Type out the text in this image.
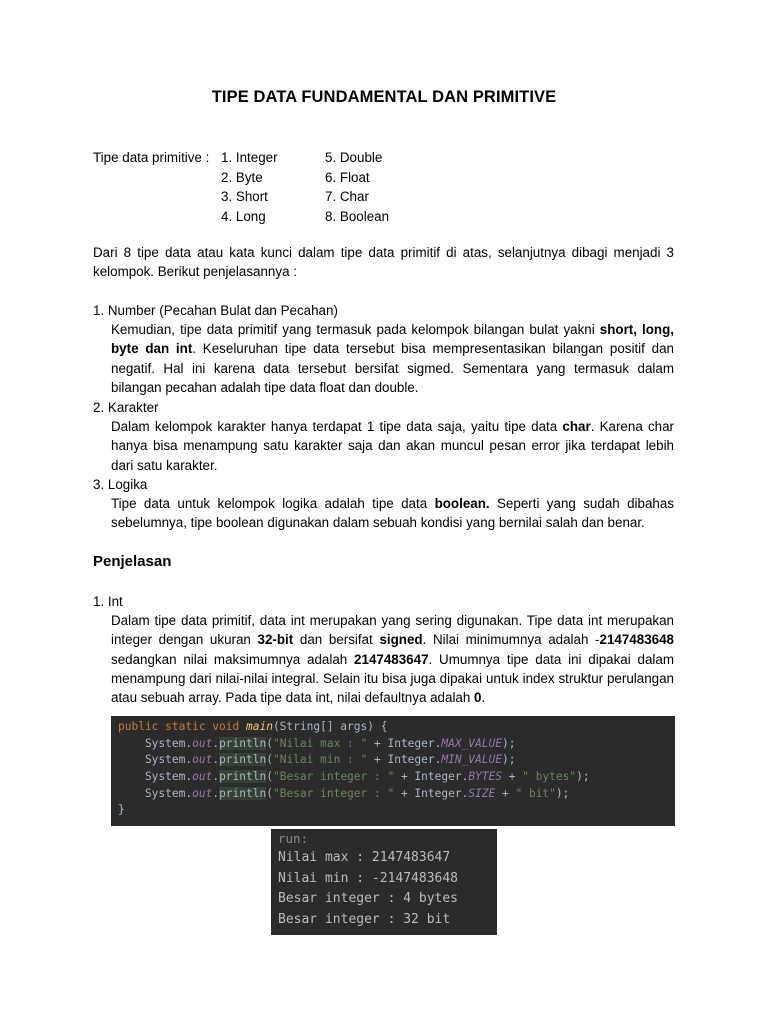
TIPE DATA FUNDAMENTAL DAN PRIMITIVE
Tipe data primitive : 1. Integer	5. Double
2. Byte	6. Float
3. Short	7. Char
4. Long	8. Boolean

Dari 8 tipe data atau kata kunci dalam tipe data primitif di atas, selanjutnya dibagi menjadi 3 kelompok. Berikut penjelasannya :

1. Number (Pecahan Bulat dan Pecahan)

Kemudian, tipe data primitif yang termasuk pada kelompok bilangan bulat yakni short, long, byte dan int. Keseluruhan tipe data tersebut bisa mempresentasikan bilangan positif dan negatif. Hal ini karena data tersebut bersifat sigmed. Sementara yang termasuk dalam bilangan pecahan adalah tipe data float dan double.

2. Karakter

Dalam kelompok karakter hanya terdapat 1 tipe data saja, yaitu tipe data char. Karena char hanya bisa menampung satu karakter saja dan akan muncul pesan error jika terdapat lebih dari satu karakter.

3. Logika

Tipe data untuk kelompok logika adalah tipe data boolean. Seperti yang sudah dibahas sebelumnya, tipe boolean digunakan dalam sebuah kondisi yang bernilai salah dan benar.

Penjelasan

1. Int

Dalam tipe data primitif, data int merupakan yang sering digunakan. Tipe data int merupakan integer dengan ukuran 32-bit dan bersifat signed. Nilai minimumnya adalah -2147483648 sedangkan nilai maksimumnya adalah 2147483647. Umumnya tipe data ini dipakai dalam menampung dari nilai-nilai integral. Selain itu bisa juga dipakai untuk index struktur perulangan atau sebuah array. Pada tipe data int, nilai defaultnya adalah 0.

public static void main(String[] args) {
System.out.println("Nilai max : " + Integer.MAX_VALUE);
System.out.println("Nilai min : " + Integer.MIN_VALUE);
System.out.println("Besar integer : " + Integer.BYTES + " bytes");
System.out.println("Besar integer : " + Integer.SIZE + " bit");
}
run:
Nilai max : 2147483647
Nilai min : -2147483648
Besar integer : 4 bytes
Besar integer : 32 bit
